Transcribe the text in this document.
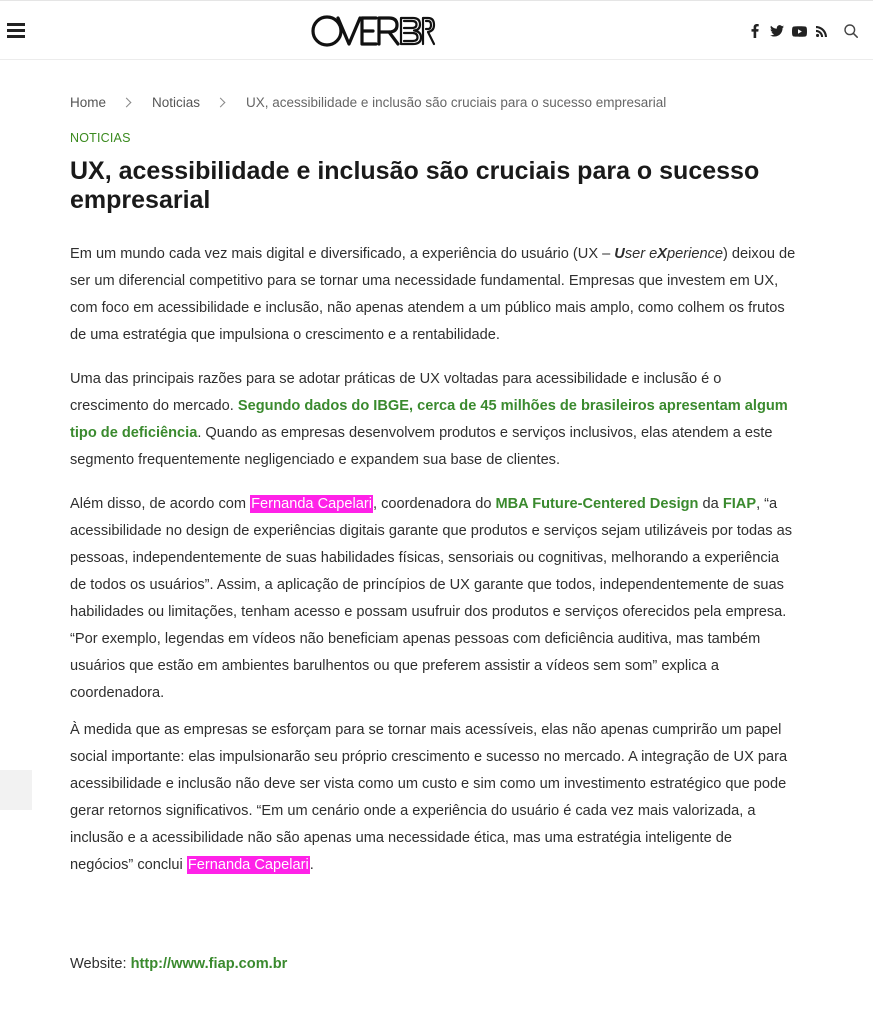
Home	Noticias	UX, acessibilidade e inclusão são cruciais para o sucesso empresarial
NOTICIAS
UX, acessibilidade e inclusão são cruciais para o sucesso empresarial

Em um mundo cada vez mais digital e diversificado, a experiência do usuário (UX – User eXperience) deixou de ser um diferencial competitivo para se tornar uma necessidade fundamental. Empresas que investem em UX, com foco em acessibilidade e inclusão, não apenas atendem a um público mais amplo, como colhem os frutos de uma estratégia que impulsiona o crescimento e a rentabilidade.

Uma das principais razões para se adotar práticas de UX voltadas para acessibilidade e inclusão é o crescimento do mercado. Segundo dados do IBGE, cerca de 45 milhões de brasileiros apresentam algum tipo de deficiência. Quando as empresas desenvolvem produtos e serviços inclusivos, elas atendem a este segmento frequentemente negligenciado e expandem sua base de clientes.

Além disso, de acordo com Fernanda Capelari, coordenadora do MBA Future-Centered Design da FIAP, “a acessibilidade no design de experiências digitais garante que produtos e serviços sejam utilizáveis por todas as pessoas, independentemente de suas habilidades físicas, sensoriais ou cognitivas, melhorando a experiência de todos os usuários”. Assim, a aplicação de princípios de UX garante que todos, independentemente de suas habilidades ou limitações, tenham acesso e possam usufruir dos produtos e serviços oferecidos pela empresa. “Por exemplo, legendas em vídeos não beneficiam apenas pessoas com deficiência auditiva, mas também usuários que estão em ambientes barulhentos ou que preferem assistir a vídeos sem som” explica a coordenadora.

À medida que as empresas se esforçam para se tornar mais acessíveis, elas não apenas cumprirão um papel social importante: elas impulsionarão seu próprio crescimento e sucesso no mercado. A integração de UX para acessibilidade e inclusão não deve ser vista como um custo e sim como um investimento estratégico que pode gerar retornos significativos. “Em um cenário onde a experiência do usuário é cada vez mais valorizada, a inclusão e a acessibilidade não são apenas uma necessidade ética, mas uma estratégia inteligente de negócios” conclui Fernanda Capelari.

Website: http://www.fiap.com.br
